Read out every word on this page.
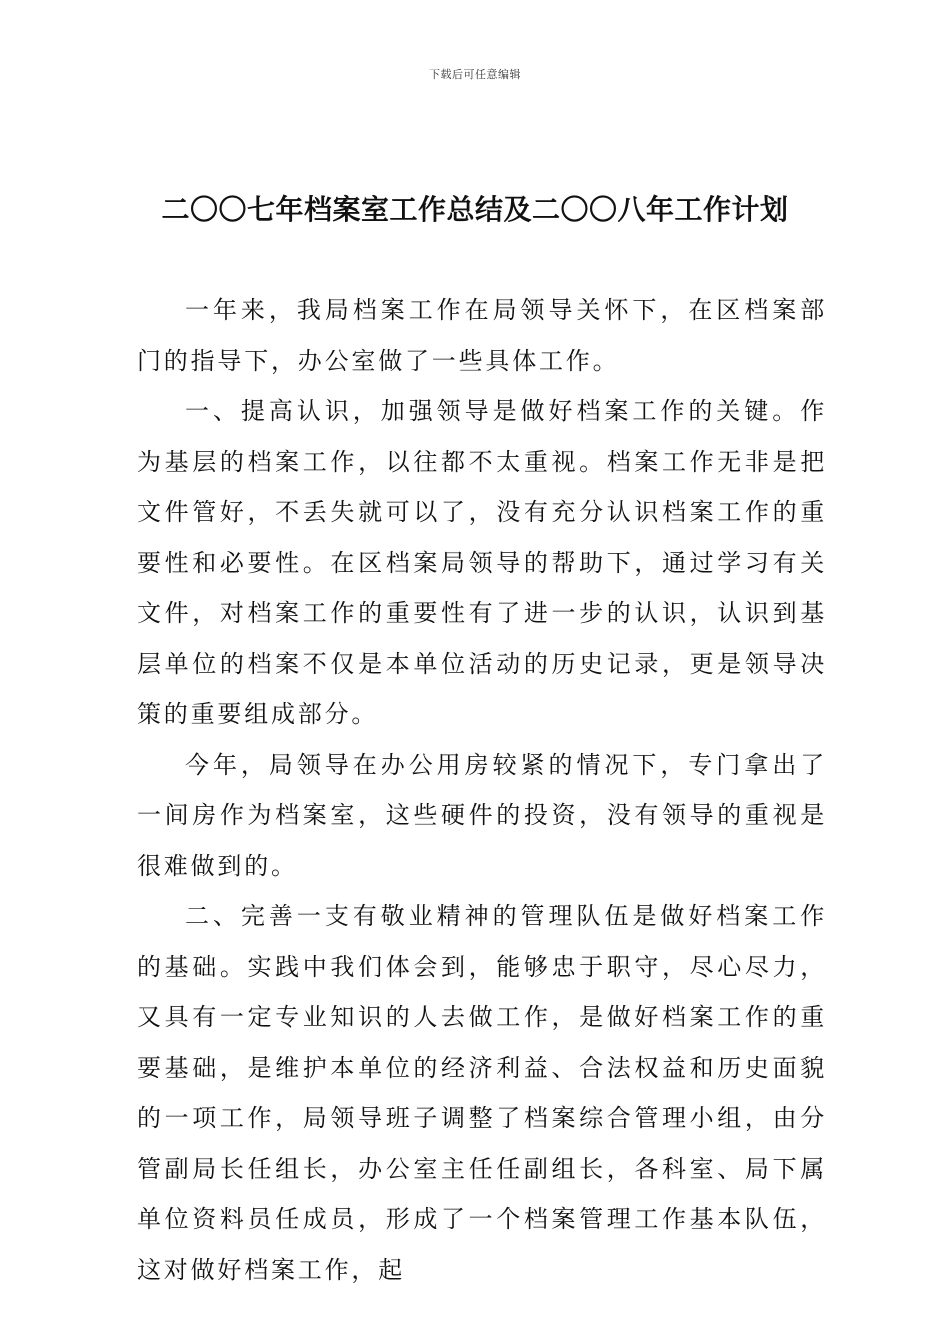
下载后可任意编辑
二〇〇七年档案室工作总结及二〇〇八年工作计划

一年来，我局档案工作在局领导关怀下，在区档案部门的指导下，办公室做了一些具体工作。

一、提高认识，加强领导是做好档案工作的关键。作为基层的档案工作，以往都不太重视。档案工作无非是把文件管好，不丢失就可以了，没有充分认识档案工作的重要性和必要性。在区档案局领导的帮助下，通过学习有关文件，对档案工作的重要性有了进一步的认识，认识到基层单位的档案不仅是本单位活动的历史记录，更是领导决策的重要组成部分。

今年，局领导在办公用房较紧的情况下，专门拿出了一间房作为档案室，这些硬件的投资，没有领导的重视是很难做到的。

二、完善一支有敬业精神的管理队伍是做好档案工作的基础。实践中我们体会到，能够忠于职守，尽心尽力，又具有一定专业知识的人去做工作，是做好档案工作的重要基础，是维护本单位的经济利益、合法权益和历史面貌的一项工作，局领导班子调整了档案综合管理小组，由分管副局长任组长，办公室主任任副组长，各科室、局下属单位资料员任成员，形成了一个档案管理工作基本队伍，这对做好档案工作，起
